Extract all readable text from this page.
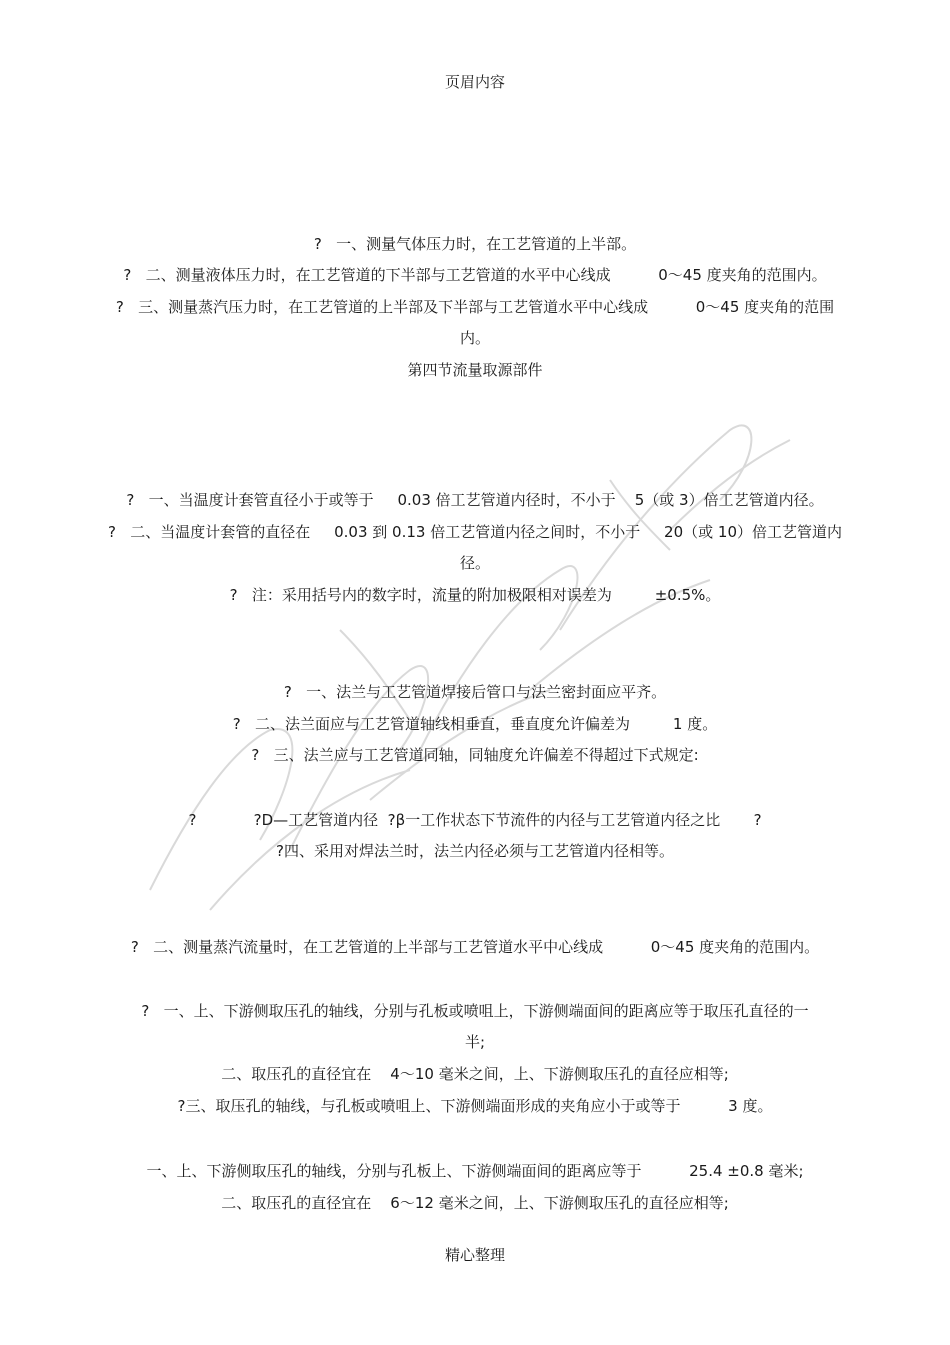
页眉内容
?   一、测量气体压力时，在工艺管道的上半部。
?   二、测量液体压力时，在工艺管道的下半部与工艺管道的水平中心线成          0～45 度夹角的范围内。
?   三、测量蒸汽压力时，在工艺管道的上半部及下半部与工艺管道水平中心线成          0～45 度夹角的范围
内。
第四节流量取源部件
?   一、当温度计套管直径小于或等于     0.03 倍工艺管道内径时，不小于    5（或 3）倍工艺管道内径。
?   二、当温度计套管的直径在     0.03 到 0.13 倍工艺管道内径之间时，不小于     20（或 10）倍工艺管道内
径。
?   注：采用括号内的数字时，流量的附加极限相对误差为         ±0.5%。
?   一、法兰与工艺管道焊接后管口与法兰密封面应平齐。
?   二、法兰面应与工艺管道轴线相垂直，垂直度允许偏差为         1 度。
?   三、法兰应与工艺管道同轴，同轴度允许偏差不得超过下式规定:
?            ?D—工艺管道内径  ?β一工作状态下节流件的内径与工艺管道内径之比       ?
?四、采用对焊法兰时，法兰内径必须与工艺管道内径相等。
?   二、测量蒸汽流量时，在工艺管道的上半部与工艺管道水平中心线成          0～45 度夹角的范围内。
?   一、上、下游侧取压孔的轴线，分别与孔板或喷咀上，下游侧端面间的距离应等于取压孔直径的一
半;
二、取压孔的直径宜在    4～10 毫米之间，上、下游侧取压孔的直径应相等;
?三、取压孔的轴线，与孔板或喷咀上、下游侧端面形成的夹角应小于或等于          3 度。
一、上、下游侧取压孔的轴线，分别与孔板上、下游侧端面间的距离应等于          25.4 ±0.8 毫米;
二、取压孔的直径宜在    6～12 毫米之间，上、下游侧取压孔的直径应相等;
精心整理
